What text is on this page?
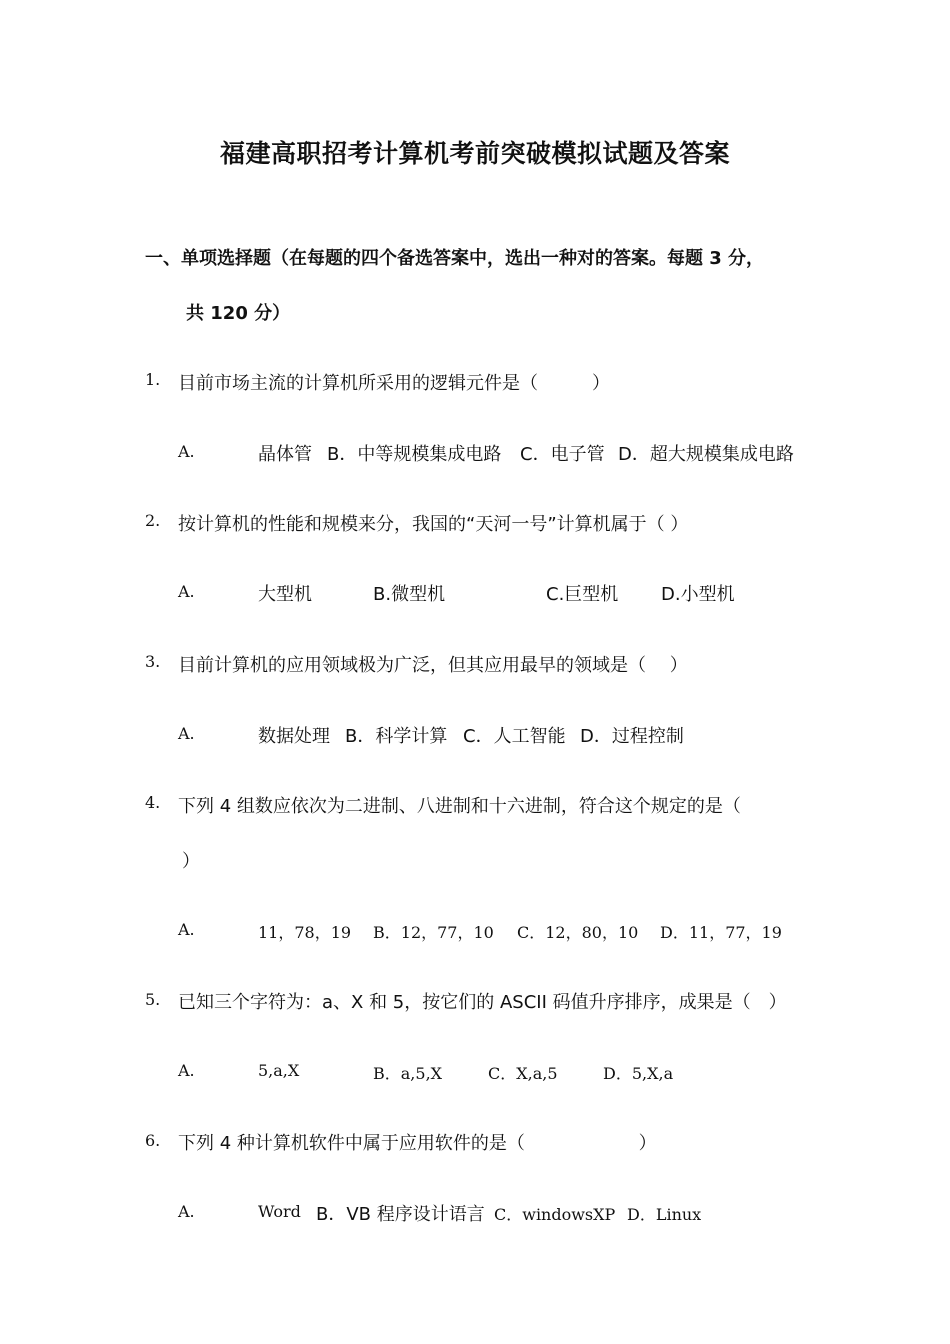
福建高职招考计算机考前突破模拟试题及答案
一、单项选择题（在每题的四个备选答案中，选出一种对的答案。每题 3 分，
共 120 分）
1. 目前市场主流的计算机所采用的逻辑元件是（　　　）
A.	晶体管 B．中等规模集成电路 C．电子管 D．超大规模集成电路
2. 按计算机的性能和规模来分，我国的“天河一号”计算机属于（ ）
A.	大型机	B.微型机	C.巨型机 D.小型机
3. 目前计算机的应用领域极为广泛，但其应用最早的领域是（　 ）
A.	数据处理 B．科学计算 C．人工智能 D．过程控制
4. 下列 4 组数应依次为二进制、八进制和十六进制，符合这个规定的是（
）
A.	11，78，19 B．12，77，10 C．12，80，10 D．11，77，19
5. 已知三个字符为：a、X 和 5，按它们的 ASCII 码值升序排序，成果是（　）
A.	5,a,X	B．a,5,X	C．X,a,5	D．5,X,a
6. 下列 4 种计算机软件中属于应用软件的是（　　　　　　 ）
A.	Word B．VB 程序设计语言 C．windowsXP D．Linux
